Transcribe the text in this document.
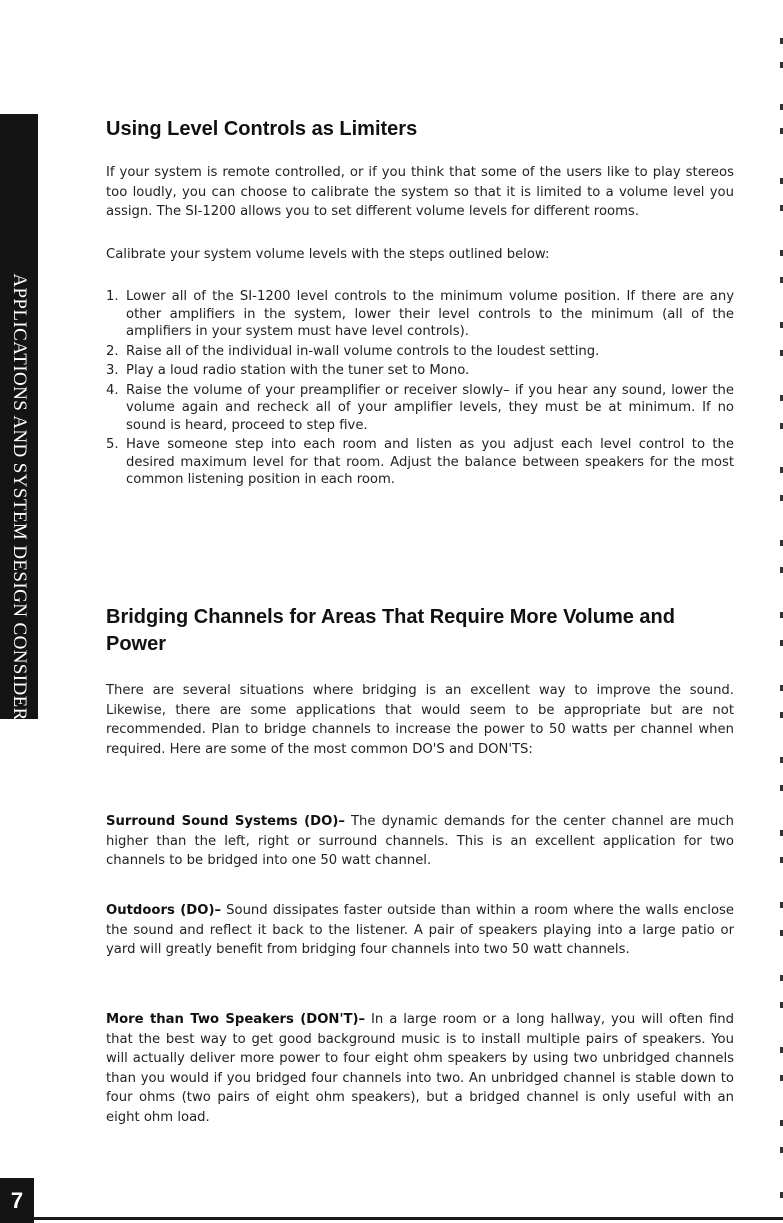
APPLICATIONS AND SYSTEM DESIGN CONSIDERATIONS
Using Level Controls as Limiters

If your system is remote controlled, or if you think that some of the users like to play stereos too loudly, you can choose to calibrate the system so that it is limited to a volume level you assign. The SI-1200 allows you to set different volume levels for different rooms.

Calibrate your system volume levels with the steps outlined below:

1. Lower all of the SI-1200 level controls to the minimum volume position. If there are any other amplifiers in the system, lower their level controls to the minimum (all of the amplifiers in your system must have level controls).
2. Raise all of the individual in-wall volume controls to the loudest setting.
3. Play a loud radio station with the tuner set to Mono.
4. Raise the volume of your preamplifier or receiver slowly– if you hear any sound, lower the volume again and recheck all of your amplifier levels, they must be at minimum. If no sound is heard, proceed to step five.
5. Have someone step into each room and listen as you adjust each level control to the desired maximum level for that room. Adjust the balance between speakers for the most common listening position in each room.
Bridging Channels for Areas That Require More Volume and Power

There are several situations where bridging is an excellent way to improve the sound. Likewise, there are some applications that would seem to be appropriate but are not recommended. Plan to bridge channels to increase the power to 50 watts per channel when required. Here are some of the most common DO'S and DON'TS:

Surround Sound Systems (DO)– The dynamic demands for the center channel are much higher than the left, right or surround channels. This is an excellent application for two channels to be bridged into one 50 watt channel.

Outdoors (DO)– Sound dissipates faster outside than within a room where the walls enclose the sound and reflect it back to the listener. A pair of speakers playing into a large patio or yard will greatly benefit from bridging four channels into two 50 watt channels.

More than Two Speakers (DON'T)– In a large room or a long hallway, you will often find that the best way to get good background music is to install multiple pairs of speakers. You will actually deliver more power to four eight ohm speakers by using two unbridged channels than you would if you bridged four channels into two. An unbridged channel is stable down to four ohms (two pairs of eight ohm speakers), but a bridged channel is only useful with an eight ohm load.

7
